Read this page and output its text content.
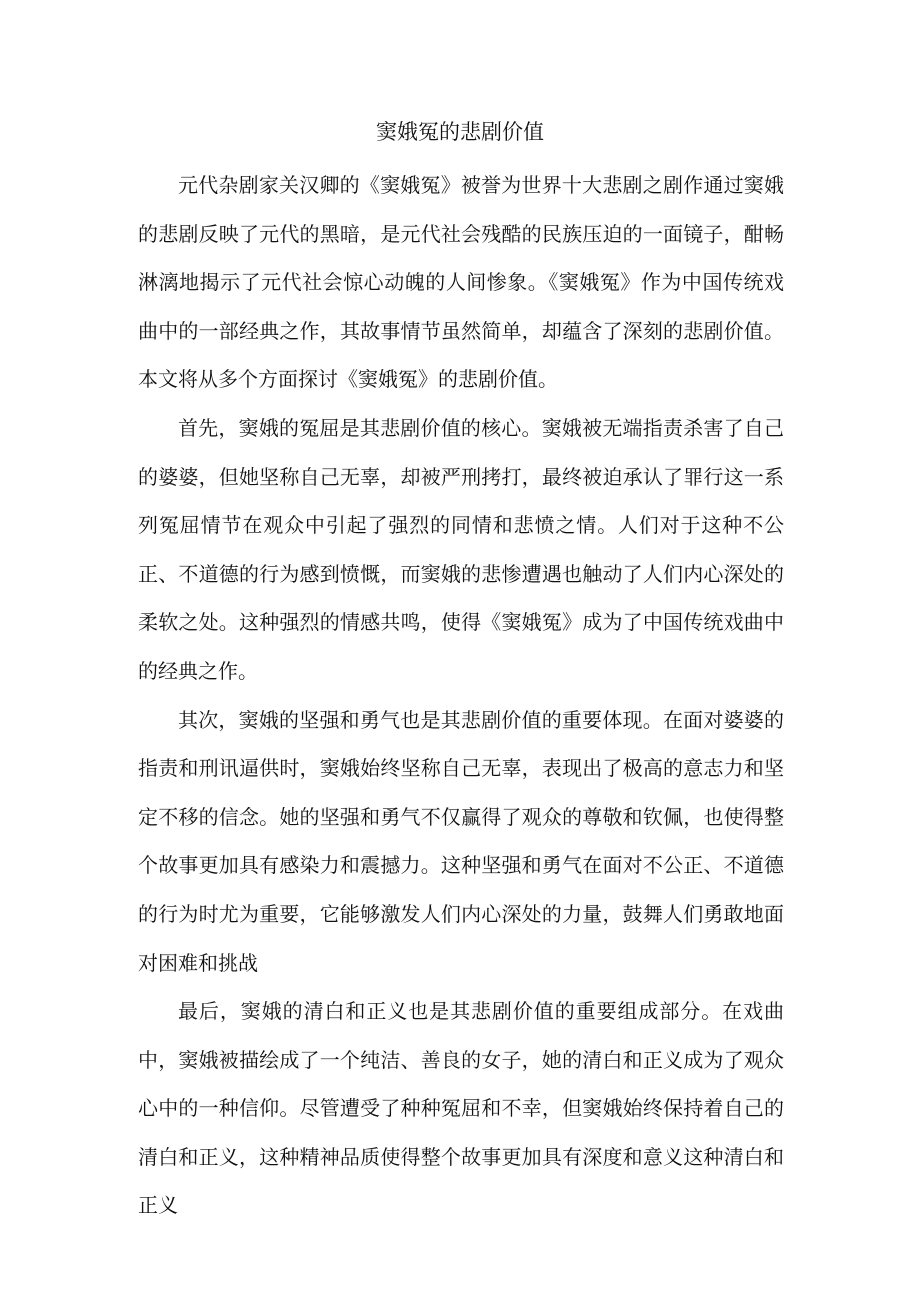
窦娥冤的悲剧价值

元代杂剧家关汉卿的《窦娥冤》被誉为世界十大悲剧之剧作通过窦娥的悲剧反映了元代的黑暗，是元代社会残酷的民族压迫的一面镜子，酣畅淋漓地揭示了元代社会惊心动魄的人间惨象。《窦娥冤》作为中国传统戏曲中的一部经典之作，其故事情节虽然简单，却蕴含了深刻的悲剧价值。本文将从多个方面探讨《窦娥冤》的悲剧价值。

首先，窦娥的冤屈是其悲剧价值的核心。窦娥被无端指责杀害了自己的婆婆，但她坚称自己无辜，却被严刑拷打，最终被迫承认了罪行这一系列冤屈情节在观众中引起了强烈的同情和悲愤之情。人们对于这种不公正、不道德的行为感到愤慨，而窦娥的悲惨遭遇也触动了人们内心深处的柔软之处。这种强烈的情感共鸣，使得《窦娥冤》成为了中国传统戏曲中的经典之作。

其次，窦娥的坚强和勇气也是其悲剧价值的重要体现。在面对婆婆的指责和刑讯逼供时，窦娥始终坚称自己无辜，表现出了极高的意志力和坚定不移的信念。她的坚强和勇气不仅赢得了观众的尊敬和钦佩，也使得整个故事更加具有感染力和震撼力。这种坚强和勇气在面对不公正、不道德的行为时尤为重要，它能够激发人们内心深处的力量，鼓舞人们勇敢地面对困难和挑战

最后，窦娥的清白和正义也是其悲剧价值的重要组成部分。在戏曲中，窦娥被描绘成了一个纯洁、善良的女子，她的清白和正义成为了观众心中的一种信仰。尽管遭受了种种冤屈和不幸，但窦娥始终保持着自己的清白和正义，这种精神品质使得整个故事更加具有深度和意义这种清白和正义
